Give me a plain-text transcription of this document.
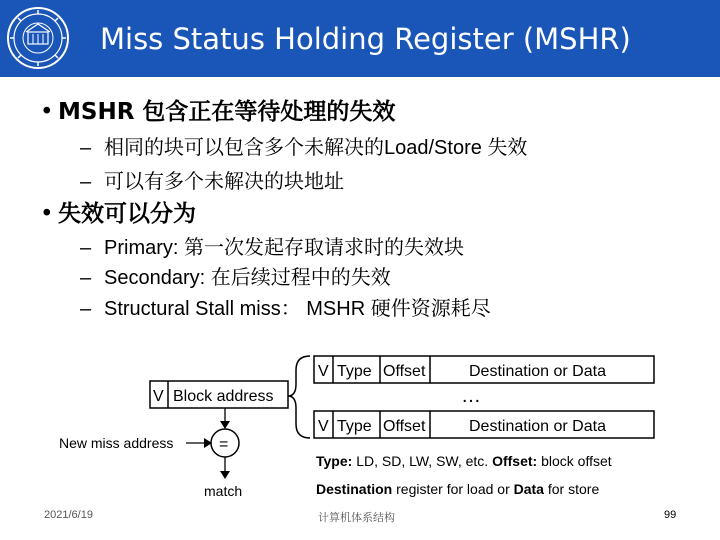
Miss Status Holding Register (MSHR)
• MSHR 包含正在等待处理的失效
– 相同的块可以包含多个未解决的Load/Store 失效
– 可以有多个未解决的块地址
• 失效可以分为
– Primary: 第一次发起存取请求时的失效块
– Secondary: 在后续过程中的失效
– Structural Stall miss： MSHR 硬件资源耗尽
V Block address
V Type Offset	Destination or Data
…
V Type Offset	Destination or Data
=
New miss address
match
Type: LD, SD, LW, SW, etc. Offset: block offset
Destination register for load or Data for store
2021/6/19	计算机体系结构	99
